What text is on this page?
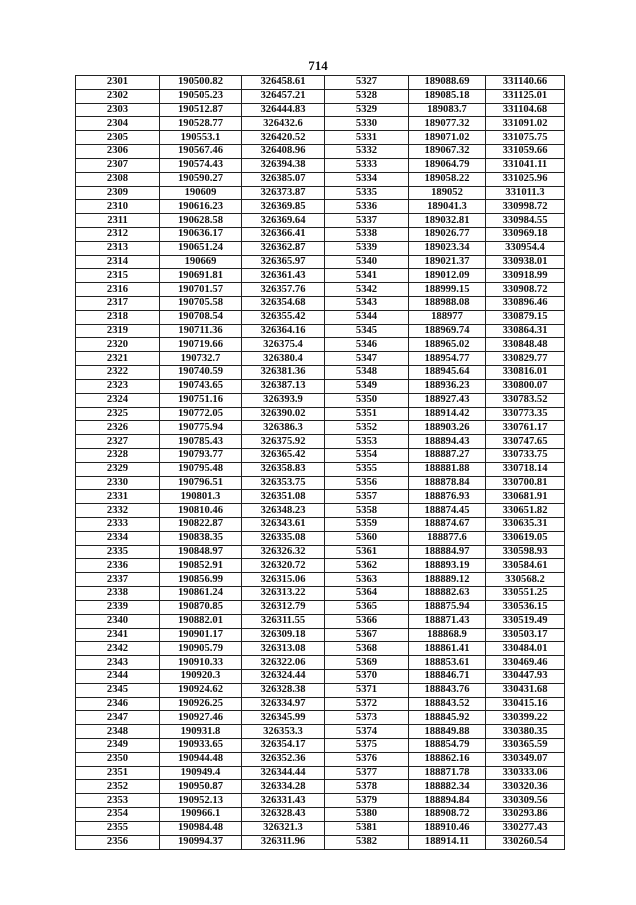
714
2301	190500.82	326458.61	5327	189088.69	331140.66
2302	190505.23	326457.21	5328	189085.18	331125.01
2303	190512.87	326444.83	5329	189083.7	331104.68
2304	190528.77	326432.6	5330	189077.32	331091.02
2305	190553.1	326420.52	5331	189071.02	331075.75
2306	190567.46	326408.96	5332	189067.32	331059.66
2307	190574.43	326394.38	5333	189064.79	331041.11
2308	190590.27	326385.07	5334	189058.22	331025.96
2309	190609	326373.87	5335	189052	331011.3
2310	190616.23	326369.85	5336	189041.3	330998.72
2311	190628.58	326369.64	5337	189032.81	330984.55
2312	190636.17	326366.41	5338	189026.77	330969.18
2313	190651.24	326362.87	5339	189023.34	330954.4
2314	190669	326365.97	5340	189021.37	330938.01
2315	190691.81	326361.43	5341	189012.09	330918.99
2316	190701.57	326357.76	5342	188999.15	330908.72
2317	190705.58	326354.68	5343	188988.08	330896.46
2318	190708.54	326355.42	5344	188977	330879.15
2319	190711.36	326364.16	5345	188969.74	330864.31
2320	190719.66	326375.4	5346	188965.02	330848.48
2321	190732.7	326380.4	5347	188954.77	330829.77
2322	190740.59	326381.36	5348	188945.64	330816.01
2323	190743.65	326387.13	5349	188936.23	330800.07
2324	190751.16	326393.9	5350	188927.43	330783.52
2325	190772.05	326390.02	5351	188914.42	330773.35
2326	190775.94	326386.3	5352	188903.26	330761.17
2327	190785.43	326375.92	5353	188894.43	330747.65
2328	190793.77	326365.42	5354	188887.27	330733.75
2329	190795.48	326358.83	5355	188881.88	330718.14
2330	190796.51	326353.75	5356	188878.84	330700.81
2331	190801.3	326351.08	5357	188876.93	330681.91
2332	190810.46	326348.23	5358	188874.45	330651.82
2333	190822.87	326343.61	5359	188874.67	330635.31
2334	190838.35	326335.08	5360	188877.6	330619.05
2335	190848.97	326326.32	5361	188884.97	330598.93
2336	190852.91	326320.72	5362	188893.19	330584.61
2337	190856.99	326315.06	5363	188889.12	330568.2
2338	190861.24	326313.22	5364	188882.63	330551.25
2339	190870.85	326312.79	5365	188875.94	330536.15
2340	190882.01	326311.55	5366	188871.43	330519.49
2341	190901.17	326309.18	5367	188868.9	330503.17
2342	190905.79	326313.08	5368	188861.41	330484.01
2343	190910.33	326322.06	5369	188853.61	330469.46
2344	190920.3	326324.44	5370	188846.71	330447.93
2345	190924.62	326328.38	5371	188843.76	330431.68
2346	190926.25	326334.97	5372	188843.52	330415.16
2347	190927.46	326345.99	5373	188845.92	330399.22
2348	190931.8	326353.3	5374	188849.88	330380.35
2349	190933.65	326354.17	5375	188854.79	330365.59
2350	190944.48	326352.36	5376	188862.16	330349.07
2351	190949.4	326344.44	5377	188871.78	330333.06
2352	190950.87	326334.28	5378	188882.34	330320.36
2353	190952.13	326331.43	5379	188894.84	330309.56
2354	190966.1	326328.43	5380	188908.72	330293.86
2355	190984.48	326321.3	5381	188910.46	330277.43
2356	190994.37	326311.96	5382	188914.11	330260.54
